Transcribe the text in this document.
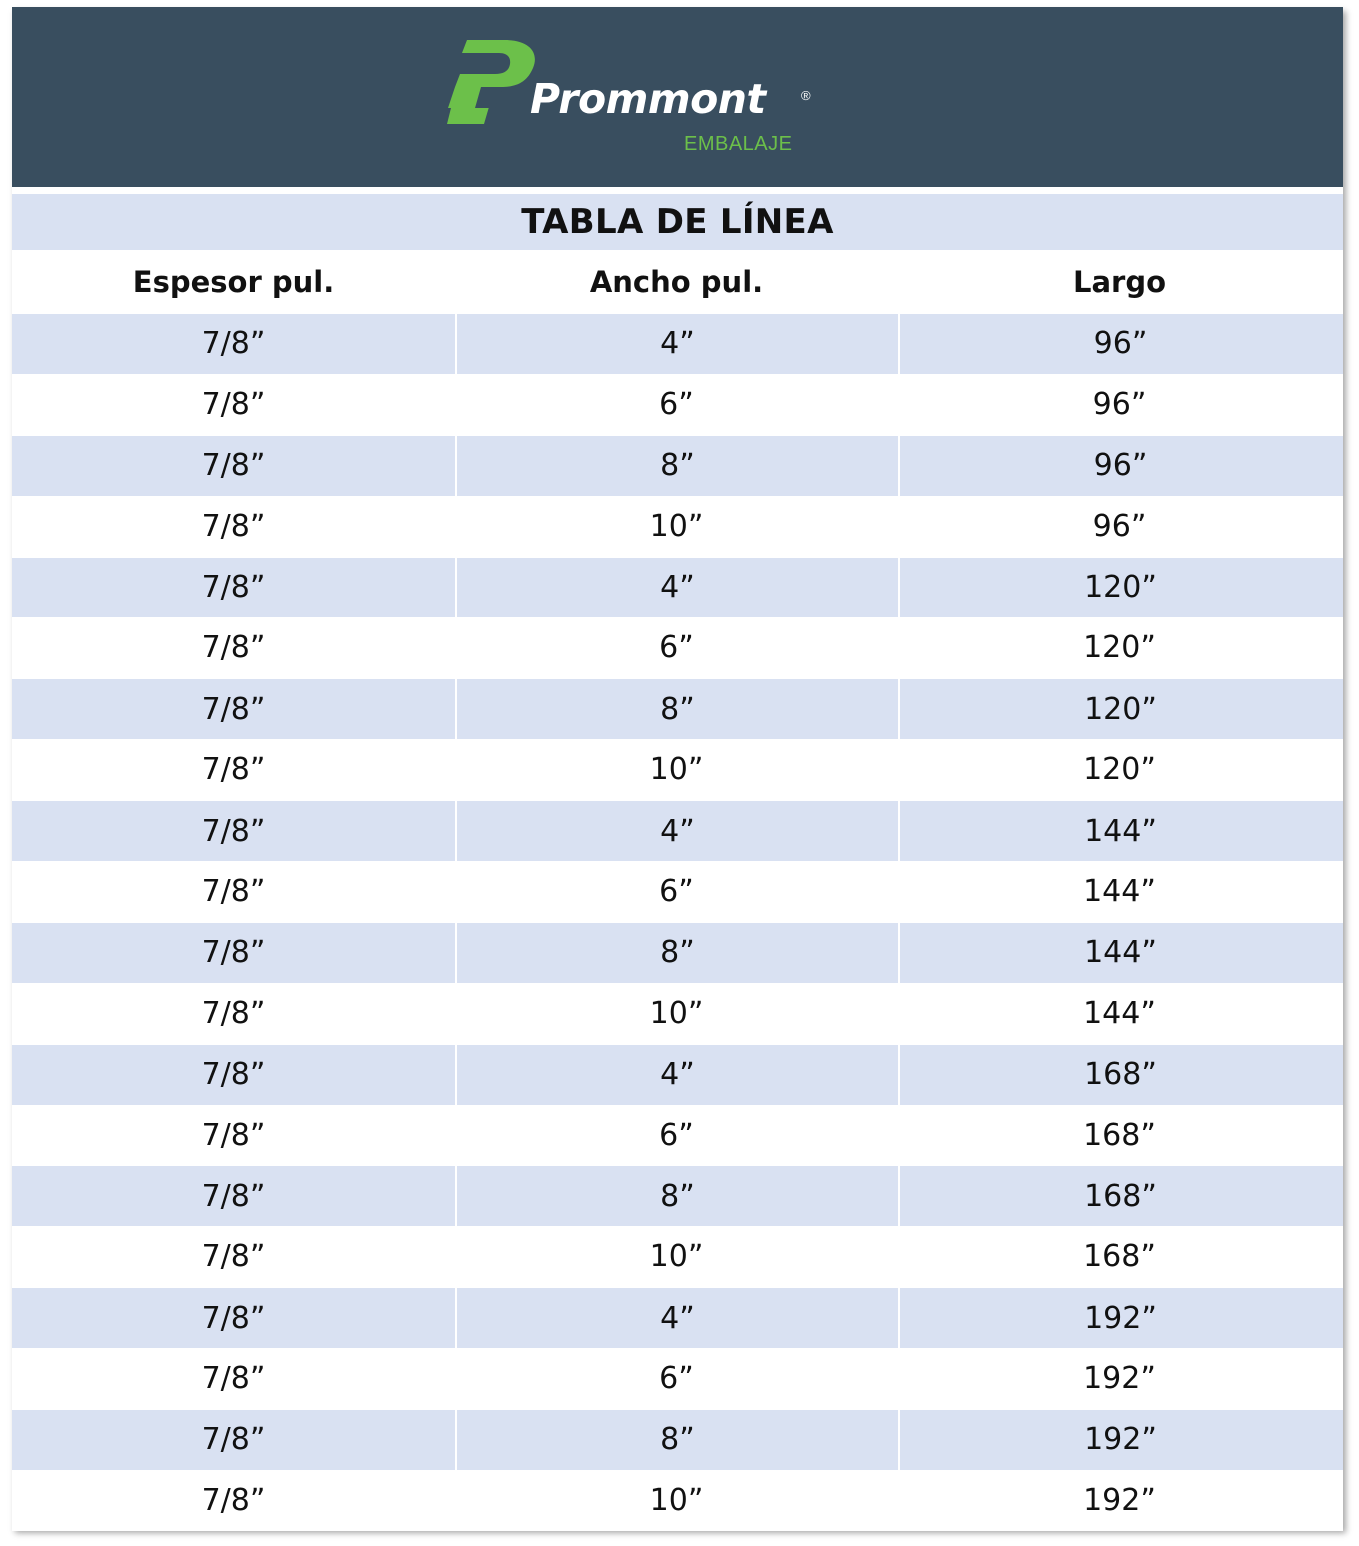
Prommont	®
EMBALAJE
TABLA DE LÍNEA
Espesor pul.	Ancho pul.	Largo
7/8”	4”	96”
7/8”	6”	96”
7/8”	8”	96”
7/8”	10”	96”
7/8”	4”	120”
7/8”	6”	120”
7/8”	8”	120”
7/8”	10”	120”
7/8”	4”	144”
7/8”	6”	144”
7/8”	8”	144”
7/8”	10”	144”
7/8”	4”	168”
7/8”	6”	168”
7/8”	8”	168”
7/8”	10”	168”
7/8”	4”	192”
7/8”	6”	192”
7/8”	8”	192”
7/8”	10”	192”
